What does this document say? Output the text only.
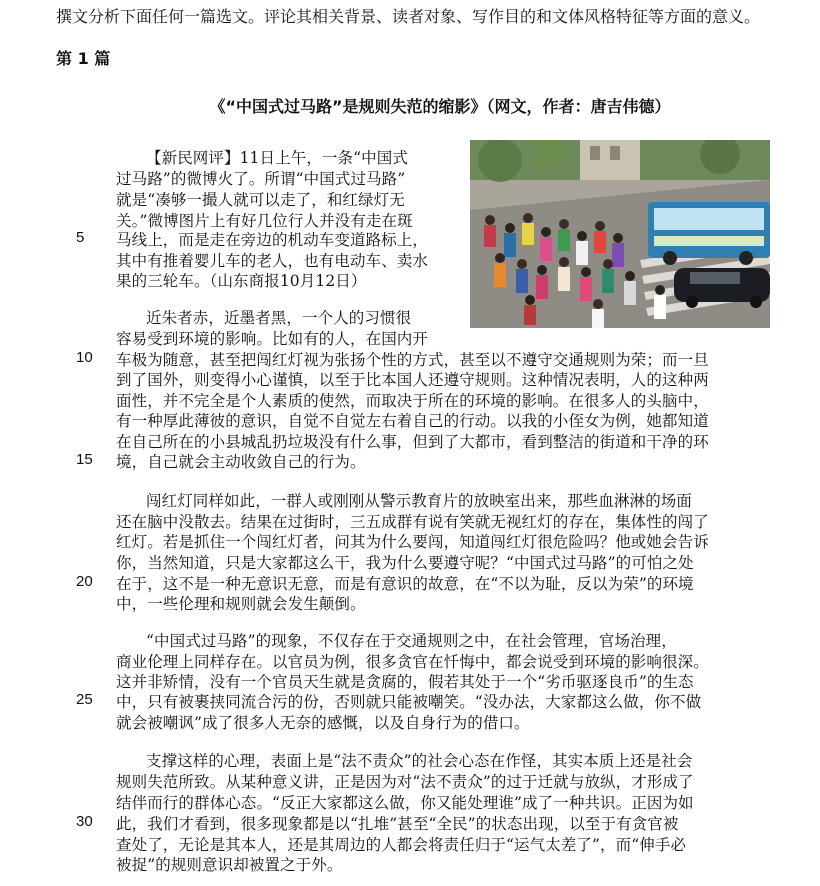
撰文分析下面任何一篇选文。评论其相关背景、读者对象、写作目的和文体风格特征等方面的意义。
第 1 篇
《“中国式过马路”是规则失范的缩影》（网文，作者：唐吉伟德）
5
10
15
20
25
30
【新民网评】11日上午，一条“中国式
过马路”的微博火了。所谓“中国式过马路”
就是“凑够一撮人就可以走了，和红绿灯无
关。”微博图片上有好几位行人并没有走在斑
马线上，而是走在旁边的机动车变道路标上，
其中有推着婴儿车的老人，也有电动车、卖水
果的三轮车。（山东商报10月12日）
近朱者赤，近墨者黑，一个人的习惯很
容易受到环境的影响。比如有的人，在国内开
车极为随意，甚至把闯红灯视为张扬个性的方式，甚至以不遵守交通规则为荣；而一旦
到了国外，则变得小心谨慎，以至于比本国人还遵守规则。这种情况表明，人的这种两
面性，并不完全是个人素质的使然，而取决于所在的环境的影响。在很多人的头脑中，
有一种厚此薄彼的意识，自觉不自觉左右着自己的行动。以我的小侄女为例，她都知道
在自己所在的小县城乱扔垃圾没有什么事，但到了大都市，看到整洁的街道和干净的环
境，自己就会主动收敛自己的行为。
闯红灯同样如此，一群人或刚刚从警示教育片的放映室出来，那些血淋淋的场面
还在脑中没散去。结果在过街时，三五成群有说有笑就无视红灯的存在，集体性的闯了
红灯。若是抓住一个闯红灯者，问其为什么要闯，知道闯红灯很危险吗？他或她会告诉
你，当然知道，只是大家都这么干，我为什么要遵守呢？“中国式过马路”的可怕之处
在于，这不是一种无意识无意，而是有意识的故意，在“不以为耻，反以为荣”的环境
中，一些伦理和规则就会发生颠倒。
“中国式过马路”的现象，不仅存在于交通规则之中，在社会管理，官场治理，
商业伦理上同样存在。以官员为例，很多贪官在忏悔中，都会说受到环境的影响很深。
这并非矫情，没有一个官员天生就是贪腐的，假若其处于一个“劣币驱逐良币”的生态
中，只有被裹挟同流合污的份，否则就只能被嘲笑。“没办法，大家都这么做，你不做
就会被嘲讽”成了很多人无奈的感慨，以及自身行为的借口。
支撑这样的心理，表面上是“法不责众”的社会心态在作怪，其实本质上还是社会
规则失范所致。从某种意义讲，正是因为对“法不责众”的过于迁就与放纵，才形成了
结伴而行的群体心态。“反正大家都这么做，你又能处理谁”成了一种共识。正因为如
此，我们才看到，很多现象都是以“扎堆”甚至“全民”的状态出现，以至于有贪官被
查处了，无论是其本人，还是其周边的人都会将责任归于“运气太差了”，而“伸手必
被捉”的规则意识却被置之于外。
